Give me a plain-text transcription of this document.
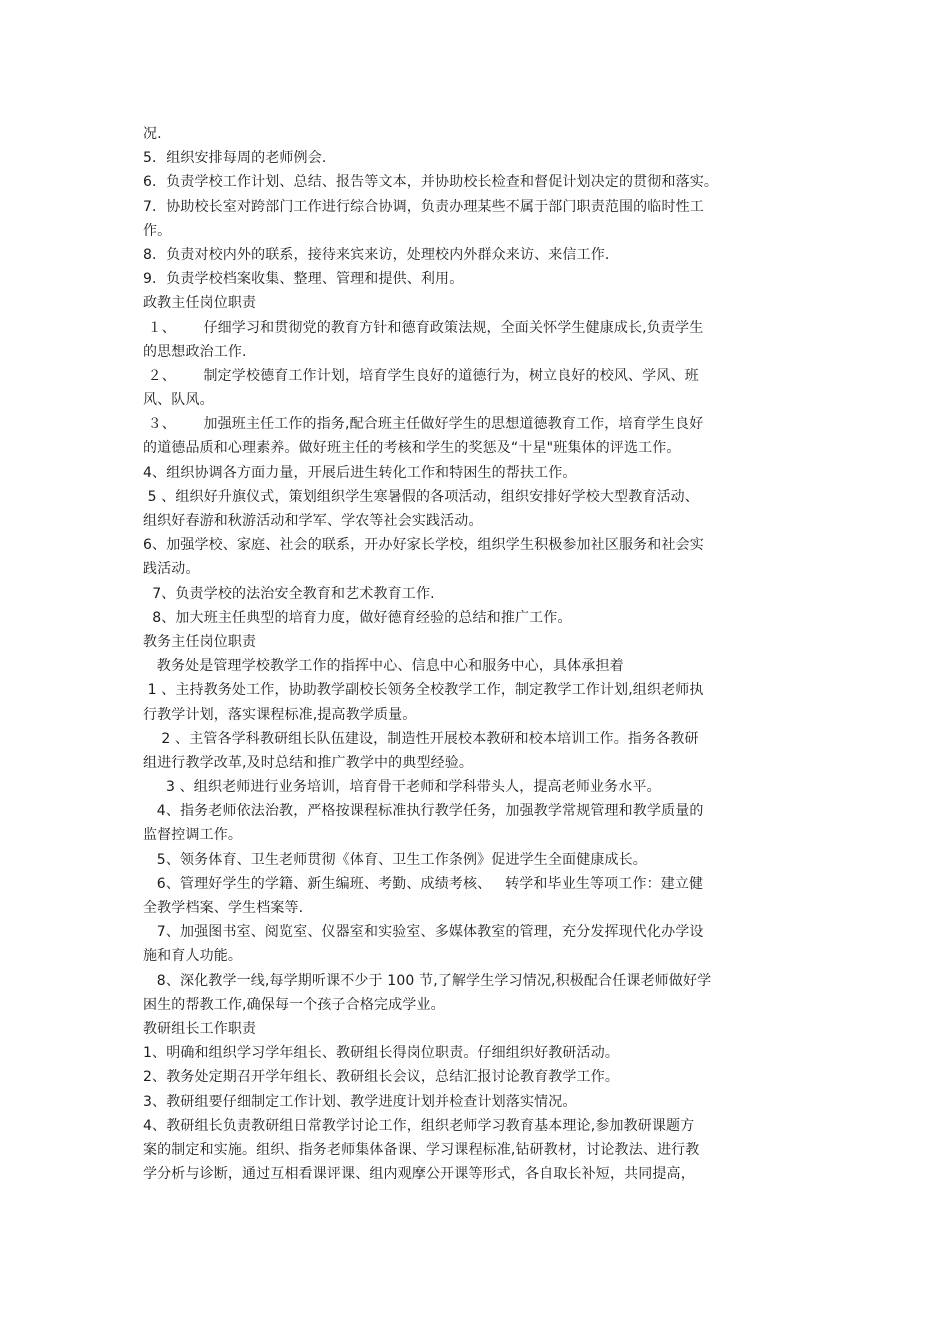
况.
5．组织安排每周的老师例会.
6．负责学校工作计划、总结、报告等文本，并协助校长检查和督促计划决定的贯彻和落实。
7．协助校长室对跨部门工作进行综合协调，负责办理某些不属于部门职责范围的临时性工
作。
8．负责对校内外的联系，接待来宾来访，处理校内外群众来访、来信工作.
9．负责学校档案收集、整理、管理和提供、利用。
政教主任岗位职责
１、      仔细学习和贯彻党的教育方针和德育政策法规，全面关怀学生健康成长,负责学生
的思想政治工作.
２、      制定学校德育工作计划，培育学生良好的道德行为，树立良好的校风、学风、班
风、队风。
３、      加强班主任工作的指务,配合班主任做好学生的思想道德教育工作，培育学生良好
的道德品质和心理素养。做好班主任的考核和学生的奖惩及“十星"班集体的评选工作。
4、组织协调各方面力量，开展后进生转化工作和特困生的帮扶工作。
5 、组织好升旗仪式，策划组织学生寒暑假的各项活动，组织安排好学校大型教育活动、
组织好春游和秋游活动和学军、学农等社会实践活动。
6、加强学校、家庭、社会的联系，开办好家长学校，组织学生积极参加社区服务和社会实
践活动。
7、负责学校的法治安全教育和艺术教育工作.
8、加大班主任典型的培育力度，做好德育经验的总结和推广工作。
教务主任岗位职责
教务处是管理学校教学工作的指挥中心、信息中心和服务中心，具体承担着
1 、主持教务处工作，协助教学副校长领务全校教学工作，制定教学工作计划,组织老师执
行教学计划，落实课程标准,提高教学质量。
2 、主管各学科教研组长队伍建设，制造性开展校本教研和校本培训工作。指务各教研
组进行教学改革,及时总结和推广教学中的典型经验。
3 、组织老师进行业务培训，培育骨干老师和学科带头人，提高老师业务水平。
4、指务老师依法治教，严格按课程标准执行教学任务，加强教学常规管理和教学质量的
监督控调工作。
5、领务体育、卫生老师贯彻《体育、卫生工作条例》促进学生全面健康成长。
6、管理好学生的学籍、新生编班、考勤、成绩考核、   转学和毕业生等项工作：建立健
全教学档案、学生档案等.
7、加强图书室、阅览室、仪器室和实验室、多媒体教室的管理，充分发挥现代化办学设
施和育人功能。
8、深化教学一线,每学期听课不少于 100 节,了解学生学习情况,积极配合任课老师做好学
困生的帮教工作,确保每一个孩子合格完成学业。
教研组长工作职责
1、明确和组织学习学年组长、教研组长得岗位职责。仔细组织好教研活动。
2、教务处定期召开学年组长、教研组长会议，总结汇报讨论教育教学工作。
3、教研组要仔细制定工作计划、教学进度计划并检查计划落实情况。
4、教研组长负责教研组日常教学讨论工作，组织老师学习教育基本理论,参加教研课题方
案的制定和实施。组织、指务老师集体备课、学习课程标准,钻研教材，讨论教法、进行教
学分析与诊断，通过互相看课评课、组内观摩公开课等形式，各自取长补短，共同提高，
